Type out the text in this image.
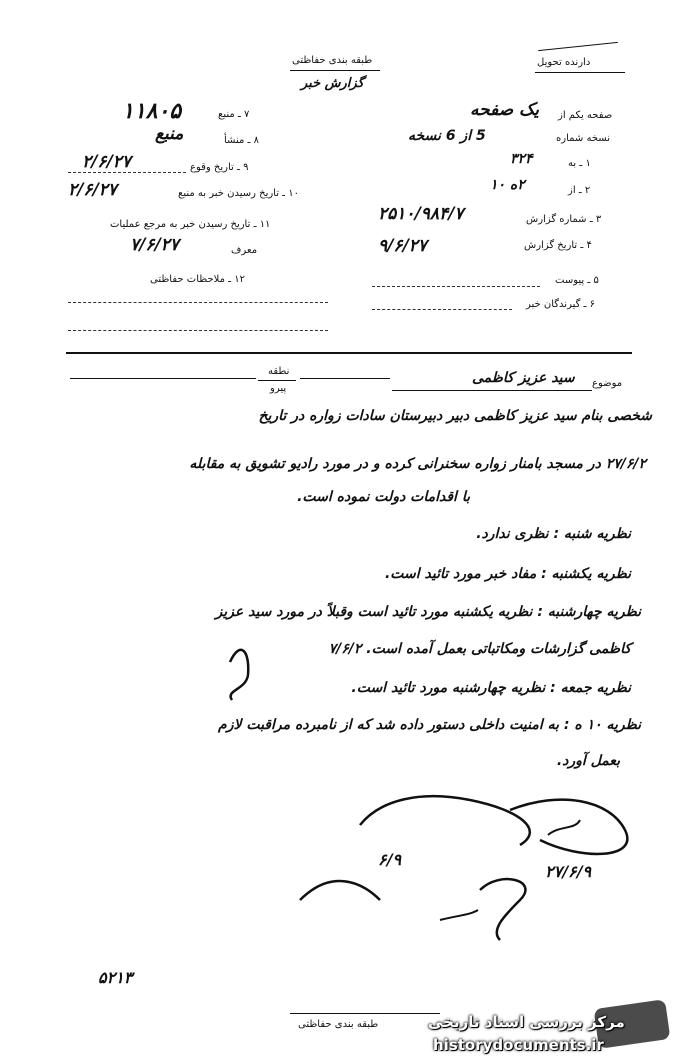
دارنده تحویل
طبقه بندی حفاظتی
گزارش خبر
صفحه یکم از
یک صفحه
نسخه شماره
5 از 6 نسخه
۱ ـ به
۳۲۴
۲ ـ از
۲ه ۱۰
۳ ـ شماره گزارش
۲۵۱۰/۹۸۴/۷
۴ ـ تاریخ گزارش
۹/۶/۲۷
۵ ـ پیوست
۶ ـ گیرندگان خبر
۷ ـ منبع
۱۱۸۰۵
۸ ـ منشأ
منبع
۹ ـ تاریخ وقوع
۲/۶/۲۷
۱۰ ـ تاریخ رسیدن خبر به منبع
۲/۶/۲۷
۱۱ ـ تاریخ رسیدن خبر به مرجع عملیات
معرف
۷/۶/۲۷
۱۲ ـ ملاحظات حفاظتی
موضوع
سید عزیز کاظمی
نطقه
پیرو
شخصی بنام سید عزیز کاظمی دبیر دبیرستان سادات زواره در تاریخ
۲۷/۶/۲ در مسجد بامنار زواره سخنرانی کرده و در مورد رادیو تشویق به مقابله
با اقدامات دولت نموده است.
نظریه شنبه : نظری ندارد.
نظریه یکشنبه : مفاد خبر مورد تائید است.
نظریه چهارشنبه : نظریه یکشنبه مورد تائید است وقبلاً در مورد سید عزیز
کاظمی گزارشات ومکاتباتی بعمل آمده است. ۷/۶/۲
نظریه جمعه : نظریه چهارشنبه مورد تائید است.
نظریه ۱۰ ه : به امنیت داخلی دستور داده شد که از نامبرده مراقبت لازم
بعمل آورد.
۶/۹
۲۷/۶/۹
۵۲۱۳
طبقه بندی حفاظتی	مرکز بررسی اسناد تاریخی
historydocuments.ir
